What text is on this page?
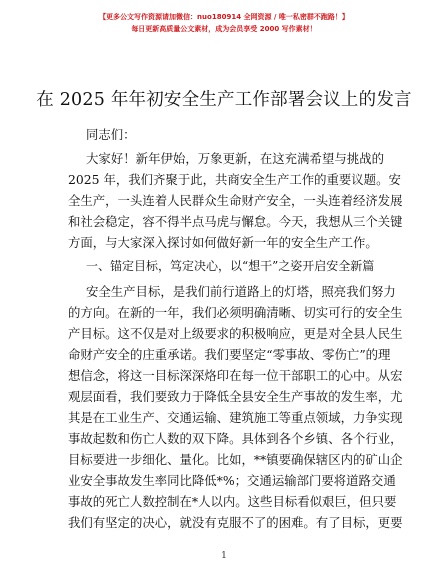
【更多公文写作资源请加微信：nuo180914 全网资源 / 唯一私密群不跑路！】
每日更新高质量公文素材，成为会员享受 2000 写作素材！
在 2025 年年初安全生产工作部署会议上的发言
同志们：
大家好！新年伊始，万象更新，在这充满希望与挑战的
2025 年，我们齐聚于此，共商安全生产工作的重要议题。安
全生产，一头连着人民群众生命财产安全，一头连着经济发展
和社会稳定，容不得半点马虎与懈怠。今天，我想从三个关键
方面，与大家深入探讨如何做好新一年的安全生产工作。
一、锚定目标，笃定决心，以“想干”之姿开启安全新篇
安全生产目标，是我们前行道路上的灯塔，照亮我们努力
的方向。在新的一年，我们必须明确清晰、切实可行的安全生
产目标。这不仅是对上级要求的积极响应，更是对全县人民生
命财产安全的庄重承诺。我们要坚定“零事故、零伤亡”的理
想信念，将这一目标深深烙印在每一位干部职工的心中。从宏
观层面看，我们要致力于降低全县安全生产事故的发生率，尤
其是在工业生产、交通运输、建筑施工等重点领域，力争实现
事故起数和伤亡人数的双下降。具体到各个乡镇、各个行业，
目标要进一步细化、量化。比如，**镇要确保辖区内的矿山企
业安全事故发生率同比降低*%；交通运输部门要将道路交通
事故的死亡人数控制在*人以内。这些目标看似艰巨，但只要
我们有坚定的决心，就没有克服不了的困难。有了目标，更要
1
